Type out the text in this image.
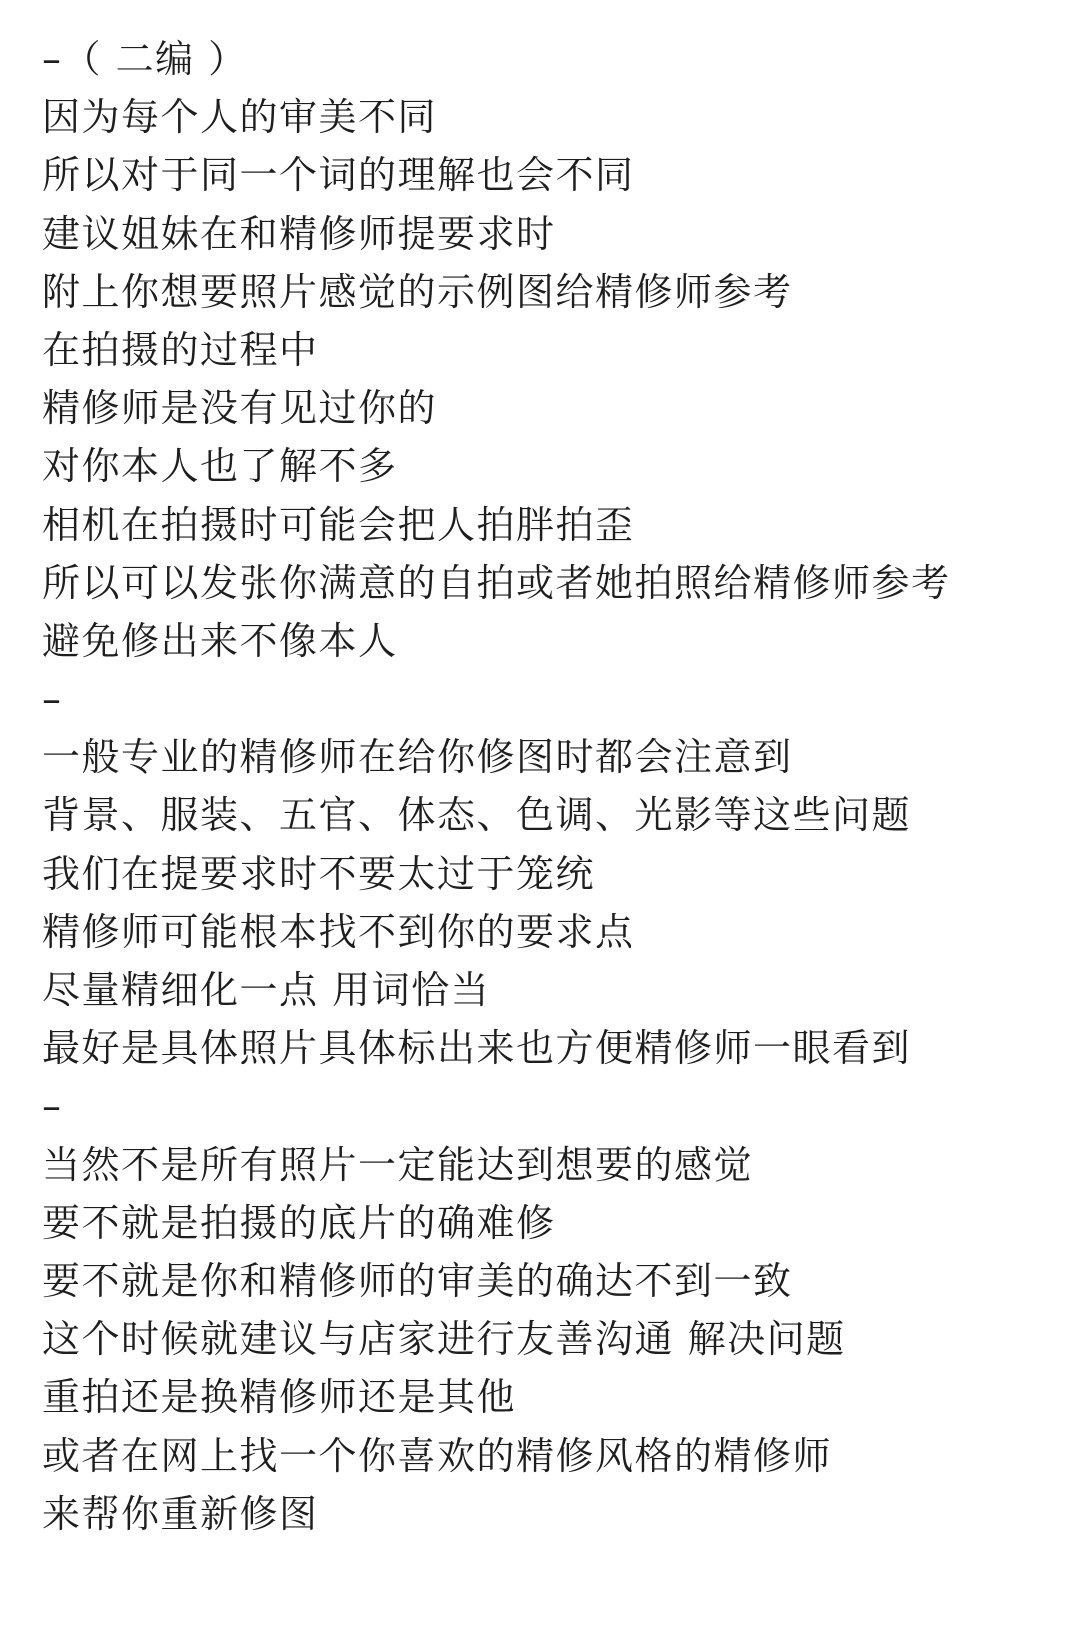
–（ 二编 ）
因为每个人的审美不同
所以对于同一个词的理解也会不同
建议姐妹在和精修师提要求时
附上你想要照片感觉的示例图给精修师参考
在拍摄的过程中
精修师是没有见过你的
对你本人也了解不多
相机在拍摄时可能会把人拍胖拍歪
所以可以发张你满意的自拍或者她拍照给精修师参考
避免修出来不像本人
–
一般专业的精修师在给你修图时都会注意到
背景、服装、五官、体态、色调、光影等这些问题
我们在提要求时不要太过于笼统
精修师可能根本找不到你的要求点
尽量精细化一点 用词恰当
最好是具体照片具体标出来也方便精修师一眼看到
–
当然不是所有照片一定能达到想要的感觉
要不就是拍摄的底片的确难修
要不就是你和精修师的审美的确达不到一致
这个时候就建议与店家进行友善沟通 解决问题
重拍还是换精修师还是其他
或者在网上找一个你喜欢的精修风格的精修师
来帮你重新修图
